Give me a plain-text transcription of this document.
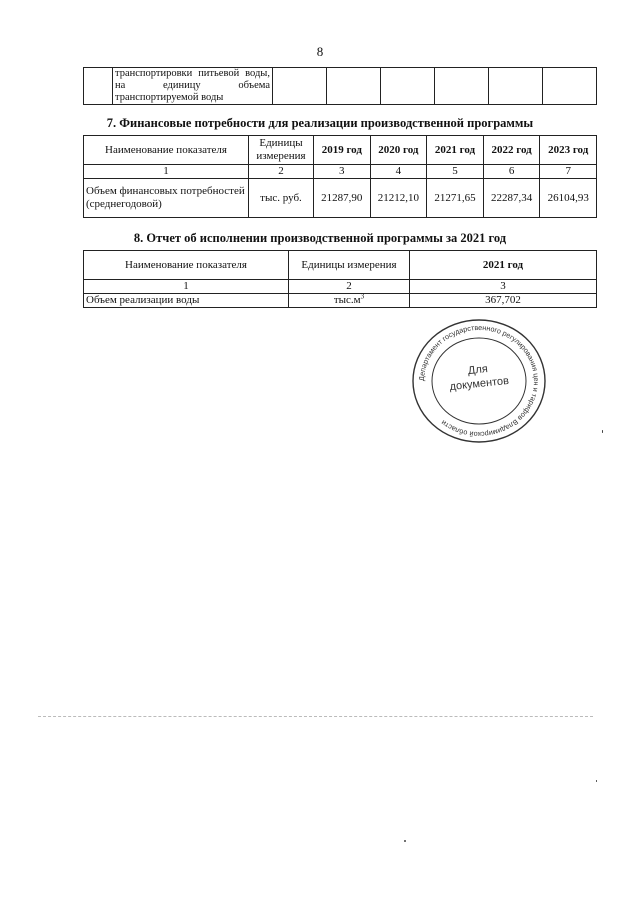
8
	транспортировки питьевой воды, на единицу объема транспортируемой воды						
7. Финансовые потребности для реализации производственной программы
Наименование показателя	Единицы измерения	2019 год	2020 год	2021 год	2022 год	2023 год
1	2	3	4	5	6	7
Объем финансовых потребностей (среднегодовой)	тыс. руб.	21287,90	21212,10	21271,65	22287,34	26104,93
8. Отчет об исполнении производственной программы за 2021 год
Наименование показателя	Единицы измерения	2021 год
1	2	3
Объем реализации воды	$тыс.м^3$	367,702
Департамент государственного регулирования цен и тарифов Владимирской области
Для
документов
